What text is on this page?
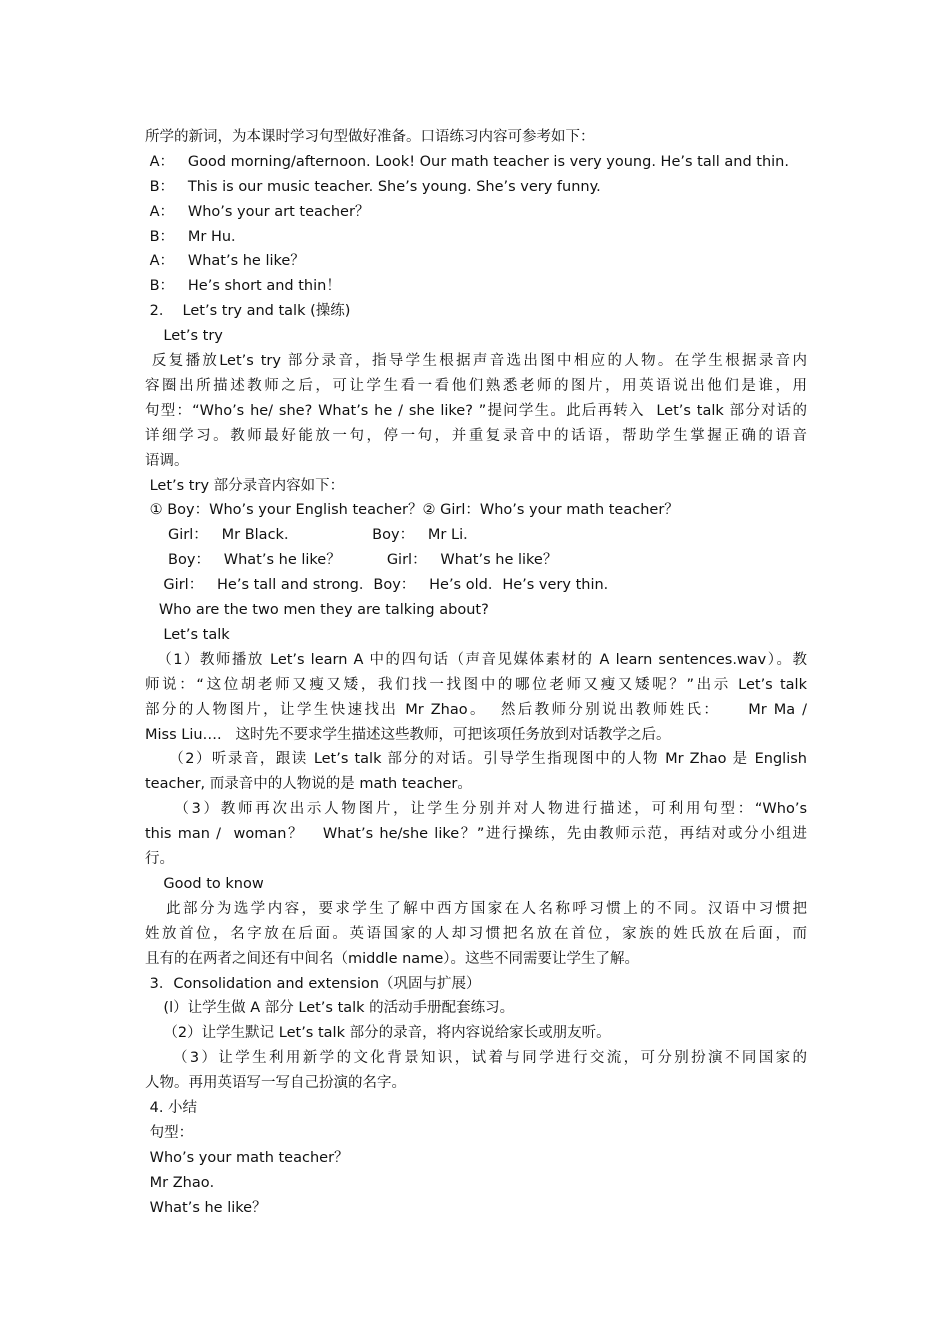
所学的新词，为本课时学习句型做好准备。口语练习内容可参考如下：
A：   Good morning/afternoon. Look! Our math teacher is very young. He’s tall and thin.
B：   This is our music teacher. She’s young. She’s very funny.
A：   Who’s your art teacher？
B：   Mr Hu．
A：   What’s he like？
B：   He’s short and thin！
2．  Let’s try and talk (操练)
Let’s try
反复播放Let’s try 部分录音，指导学生根据声音选出图中相应的人物。在学生根据录音内
容圈出所描述教师之后，可让学生看一看他们熟悉老师的图片，用英语说出他们是谁，用
句型：“Who’s he/ she? What’s he / she like? ”提问学生。此后再转入  Let’s talk 部分对话的
详细学习。教师最好能放一句，停一句，并重复录音中的话语，帮助学生掌握正确的语音
语调。
Let’s try 部分录音内容如下：
① Boy：Who’s your English teacher？② Girl：Who’s your math teacher？
Girl：   Mr Black．                Boy：   Mr Li．
Boy：   What’s he like？          Girl：   What’s he like？
Girl：   He’s tall and strong．Boy：   He’s old．He’s very thin．
Who are the two men they are talking about?
Let’s talk
（1）教师播放 Let’s learn A 中的四句话（声音见媒体素材的 A learn sentences.wav）。教
师说：“这位胡老师又瘦又矮，我们找一找图中的哪位老师又瘦又矮呢？”出示 Let’s talk
部分的人物图片，让学生快速找出 Mr Zhao。  然后教师分别说出教师姓氏：    Mr Ma /
Miss Liu….   这时先不要求学生描述这些教师，可把该项任务放到对话教学之后。
（2）听录音，跟读 Let’s talk 部分的对话。引导学生指现图中的人物 Mr Zhao 是 English
teacher, 而录音中的人物说的是 math teacher。
（3）教师再次出示人物图片，让学生分别并对人物进行描述，可利用句型：“Who’s
this man /  woman？   What’s he/she like？”进行操练，先由教师示范，再结对或分小组进
行。
Good to know
此部分为选学内容，要求学生了解中西方国家在人名称呼习惯上的不同。汉语中习惯把
姓放首位，名字放在后面。英语国家的人却习惯把名放在首位，家族的姓氏放在后面，而
且有的在两者之间还有中间名（middle name）。这些不同需要让学生了解。
3．Consolidation and extension（巩固与扩展）
(l）让学生做 A 部分 Let’s talk 的活动手册配套练习。
（2）让学生默记 Let’s talk 部分的录音，将内容说给家长或朋友听。
（3）让学生利用新学的文化背景知识，试着与同学进行交流，可分别扮演不同国家的
人物。再用英语写一写自己扮演的名字。
4. 小结
句型：
Who’s your math teacher？
Mr Zhao．
What’s he like？
